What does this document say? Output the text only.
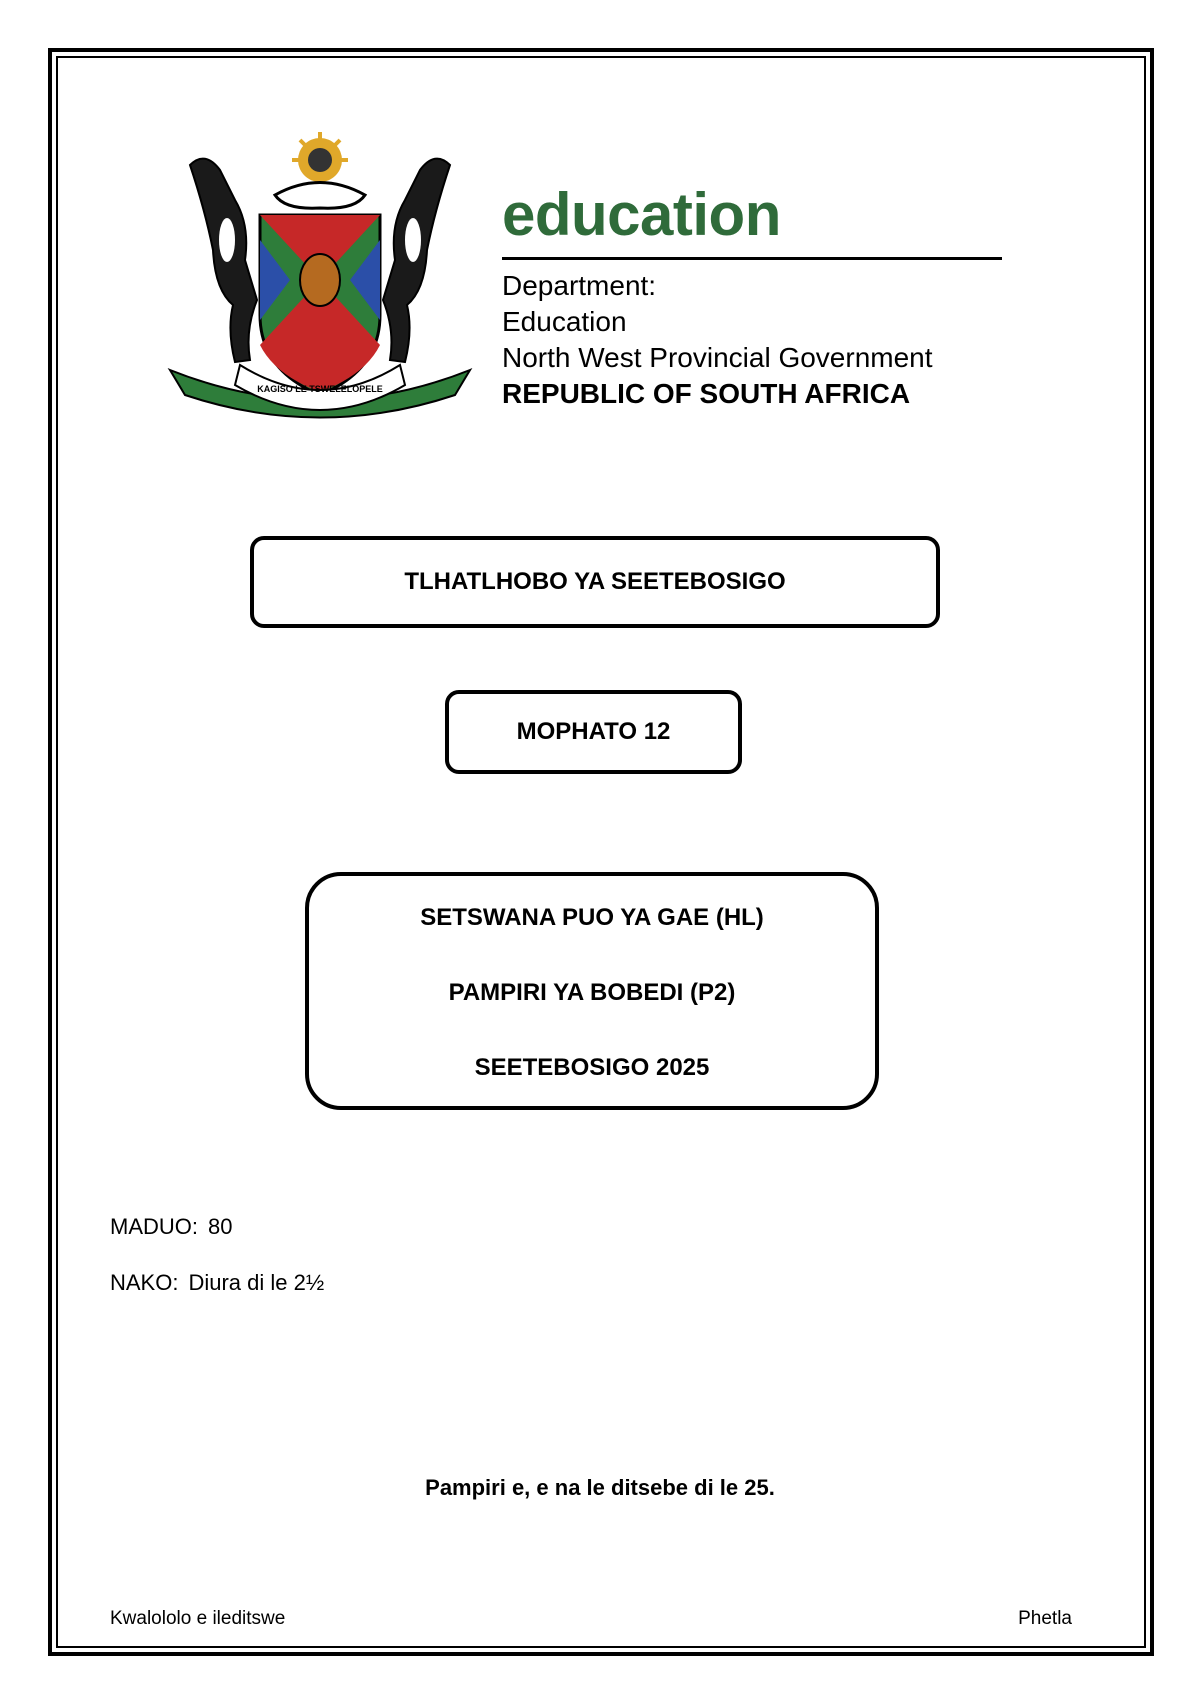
KAGISO LE TSWELELOPELE
education
Department:
Education
North West Provincial Government
REPUBLIC OF SOUTH AFRICA
TLHATLHOBO YA SEETEBOSIGO
MOPHATO 12
SETSWANA PUO YA GAE (HL)
PAMPIRI YA BOBEDI (P2)
SEETEBOSIGO 2025
MADUO: 80
NAKO: Diura di le 2½
Pampiri e, e na le ditsebe di le 25.
Kwalololo e ileditswe	Phetla
